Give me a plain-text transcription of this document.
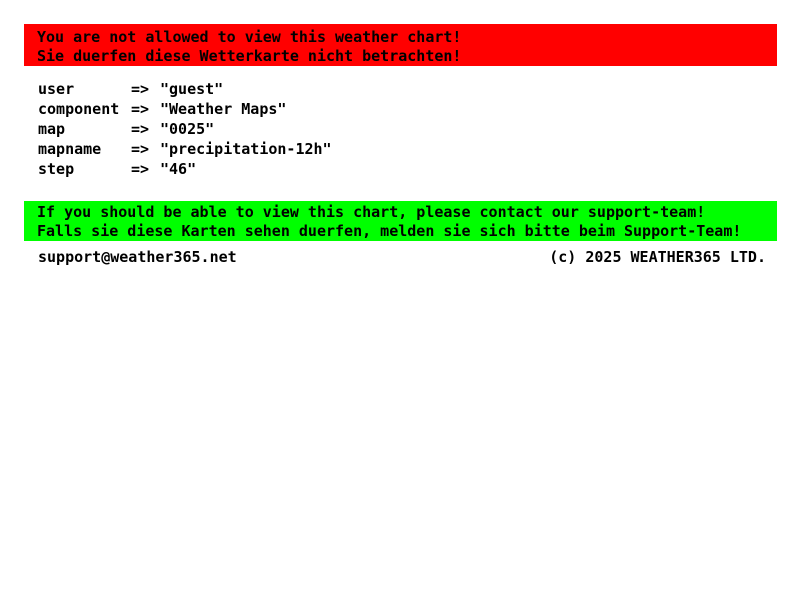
You are not allowed to view this weather chart!
Sie duerfen diese Wetterkarte nicht betrachten!
user	=> "guest"
component => "Weather Maps"
map	=> "0025"
mapname	=> "precipitation-12h"
step	=> "46"
If you should be able to view this chart, please contact our support-team!
Falls sie diese Karten sehen duerfen, melden sie sich bitte beim Support-Team!
support@weather365.net	(c) 2025 WEATHER365 LTD.
